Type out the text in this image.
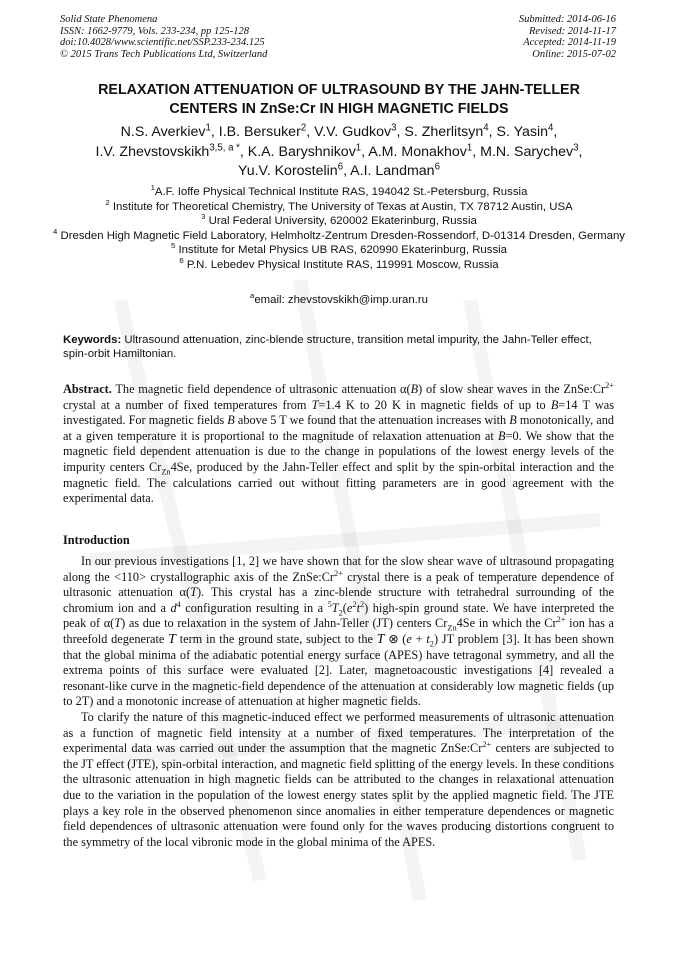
Solid State Phenomena
ISSN: 1662-9779, Vols. 233-234, pp 125-128
doi:10.4028/www.scientific.net/SSP.233-234.125
© 2015 Trans Tech Publications Ltd, Switzerland
Submitted: 2014-06-16
Revised: 2014-11-17
Accepted: 2014-11-19
Online: 2015-07-02
RELAXATION ATTENUATION OF ULTRASOUND BY THE JAHN-TELLER
CENTERS IN ZnSe:Cr IN HIGH MAGNETIC FIELDS
N.S. Averkiev$^1$, I.B. Bersuker$^2$, V.V. Gudkov$^3$, S. Zherlitsyn$^4$, S. Yasin$^4$,
I.V. Zhevstovskikh$^{3,5, a *}$, K.A. Baryshnikov$^1$, A.M. Monakhov$^1$, M.N. Sarychev$^3$,
Yu.V. Korostelin$^6$, A.I. Landman$^6$
$^1$A.F. Ioffe Physical Technical Institute RAS, 194042 St.-Petersburg, Russia
$^2$ Institute for Theoretical Chemistry, The University of Texas at Austin, TX 78712 Austin, USA
$^3$ Ural Federal University, 620002 Ekaterinburg, Russia
$^4$ Dresden High Magnetic Field Laboratory, Helmholtz-Zentrum Dresden-Rossendorf, D-01314 Dresden, Germany
$^5$ Institute for Metal Physics UB RAS, 620990 Ekaterinburg, Russia
$^6$ P.N. Lebedev Physical Institute RAS, 119991 Moscow, Russia
$^a$email: zhevstovskikh@imp.uran.ru
Keywords: Ultrasound attenuation, zinc-blende structure, transition metal impurity, the Jahn-Teller effect, spin-orbit Hamiltonian.
Abstract. The magnetic field dependence of ultrasonic attenuation α(B) of slow shear waves in the $ZnSe:Cr^{2+}$ crystal at a number of fixed temperatures from T=1.4 K to 20 K in magnetic fields of up to B=14 T was investigated. For magnetic fields B above 5 T we found that the attenuation increases with B monotonically, and at a given temperature it is proportional to the magnitude of relaxation attenuation at B=0. We show that the magnetic field dependent attenuation is due to the change in populations of the lowest energy levels of the impurity centers $Cr_{Zn}4Se$, produced by the Jahn-Teller effect and split by the spin-orbital interaction and the magnetic field. The calculations carried out without fitting parameters are in good agreement with the experimental data.
Introduction

In our previous investigations [1, 2] we have shown that for the slow shear wave of ultrasound propagating along the <110> crystallographic axis of the $ZnSe:Cr^{2+}$ crystal there is a peak of temperature dependence of ultrasonic attenuation α(T). This crystal has a zinc-blende structure with tetrahedral surrounding of the chromium ion and a $d^4$ configuration resulting in a $^5T_2(e^2t^2)$ high-spin ground state. We have interpreted the peak of α(T) as due to relaxation in the system of Jahn-Teller (JT) centers $Cr_{Zn}4Se$ in which the $Cr^{2+}$ ion has a threefold degenerate T term in the ground state, subject to the T ⊗ $(e + t_2)$ JT problem [3]. It has been shown that the global minima of the adiabatic potential energy surface (APES) have tetragonal symmetry, and all the extrema points of this surface were evaluated [2]. Later, magnetoacoustic investigations [4] revealed a resonant-like curve in the magnetic-field dependence of the attenuation at considerably low magnetic fields (up to 2T) and a monotonic increase of attenuation at higher magnetic fields.

To clarify the nature of this magnetic-induced effect we performed measurements of ultrasonic attenuation as a function of magnetic field intensity at a number of fixed temperatures. The interpretation of the experimental data was carried out under the assumption that the magnetic $ZnSe:Cr^{2+}$ centers are subjected to the JT effect (JTE), spin-orbital interaction, and magnetic field splitting of the energy levels. In these conditions the ultrasonic attenuation in high magnetic fields can be attributed to the changes in relaxational attenuation due to the variation in the population of the lowest energy states split by the applied magnetic field. The JTE plays a key role in the observed phenomenon since anomalies in either temperature dependences or magnetic field dependences of ultrasonic attenuation were found only for the waves producing distortions congruent to the symmetry of the local vibronic mode in the global minima of the APES.
